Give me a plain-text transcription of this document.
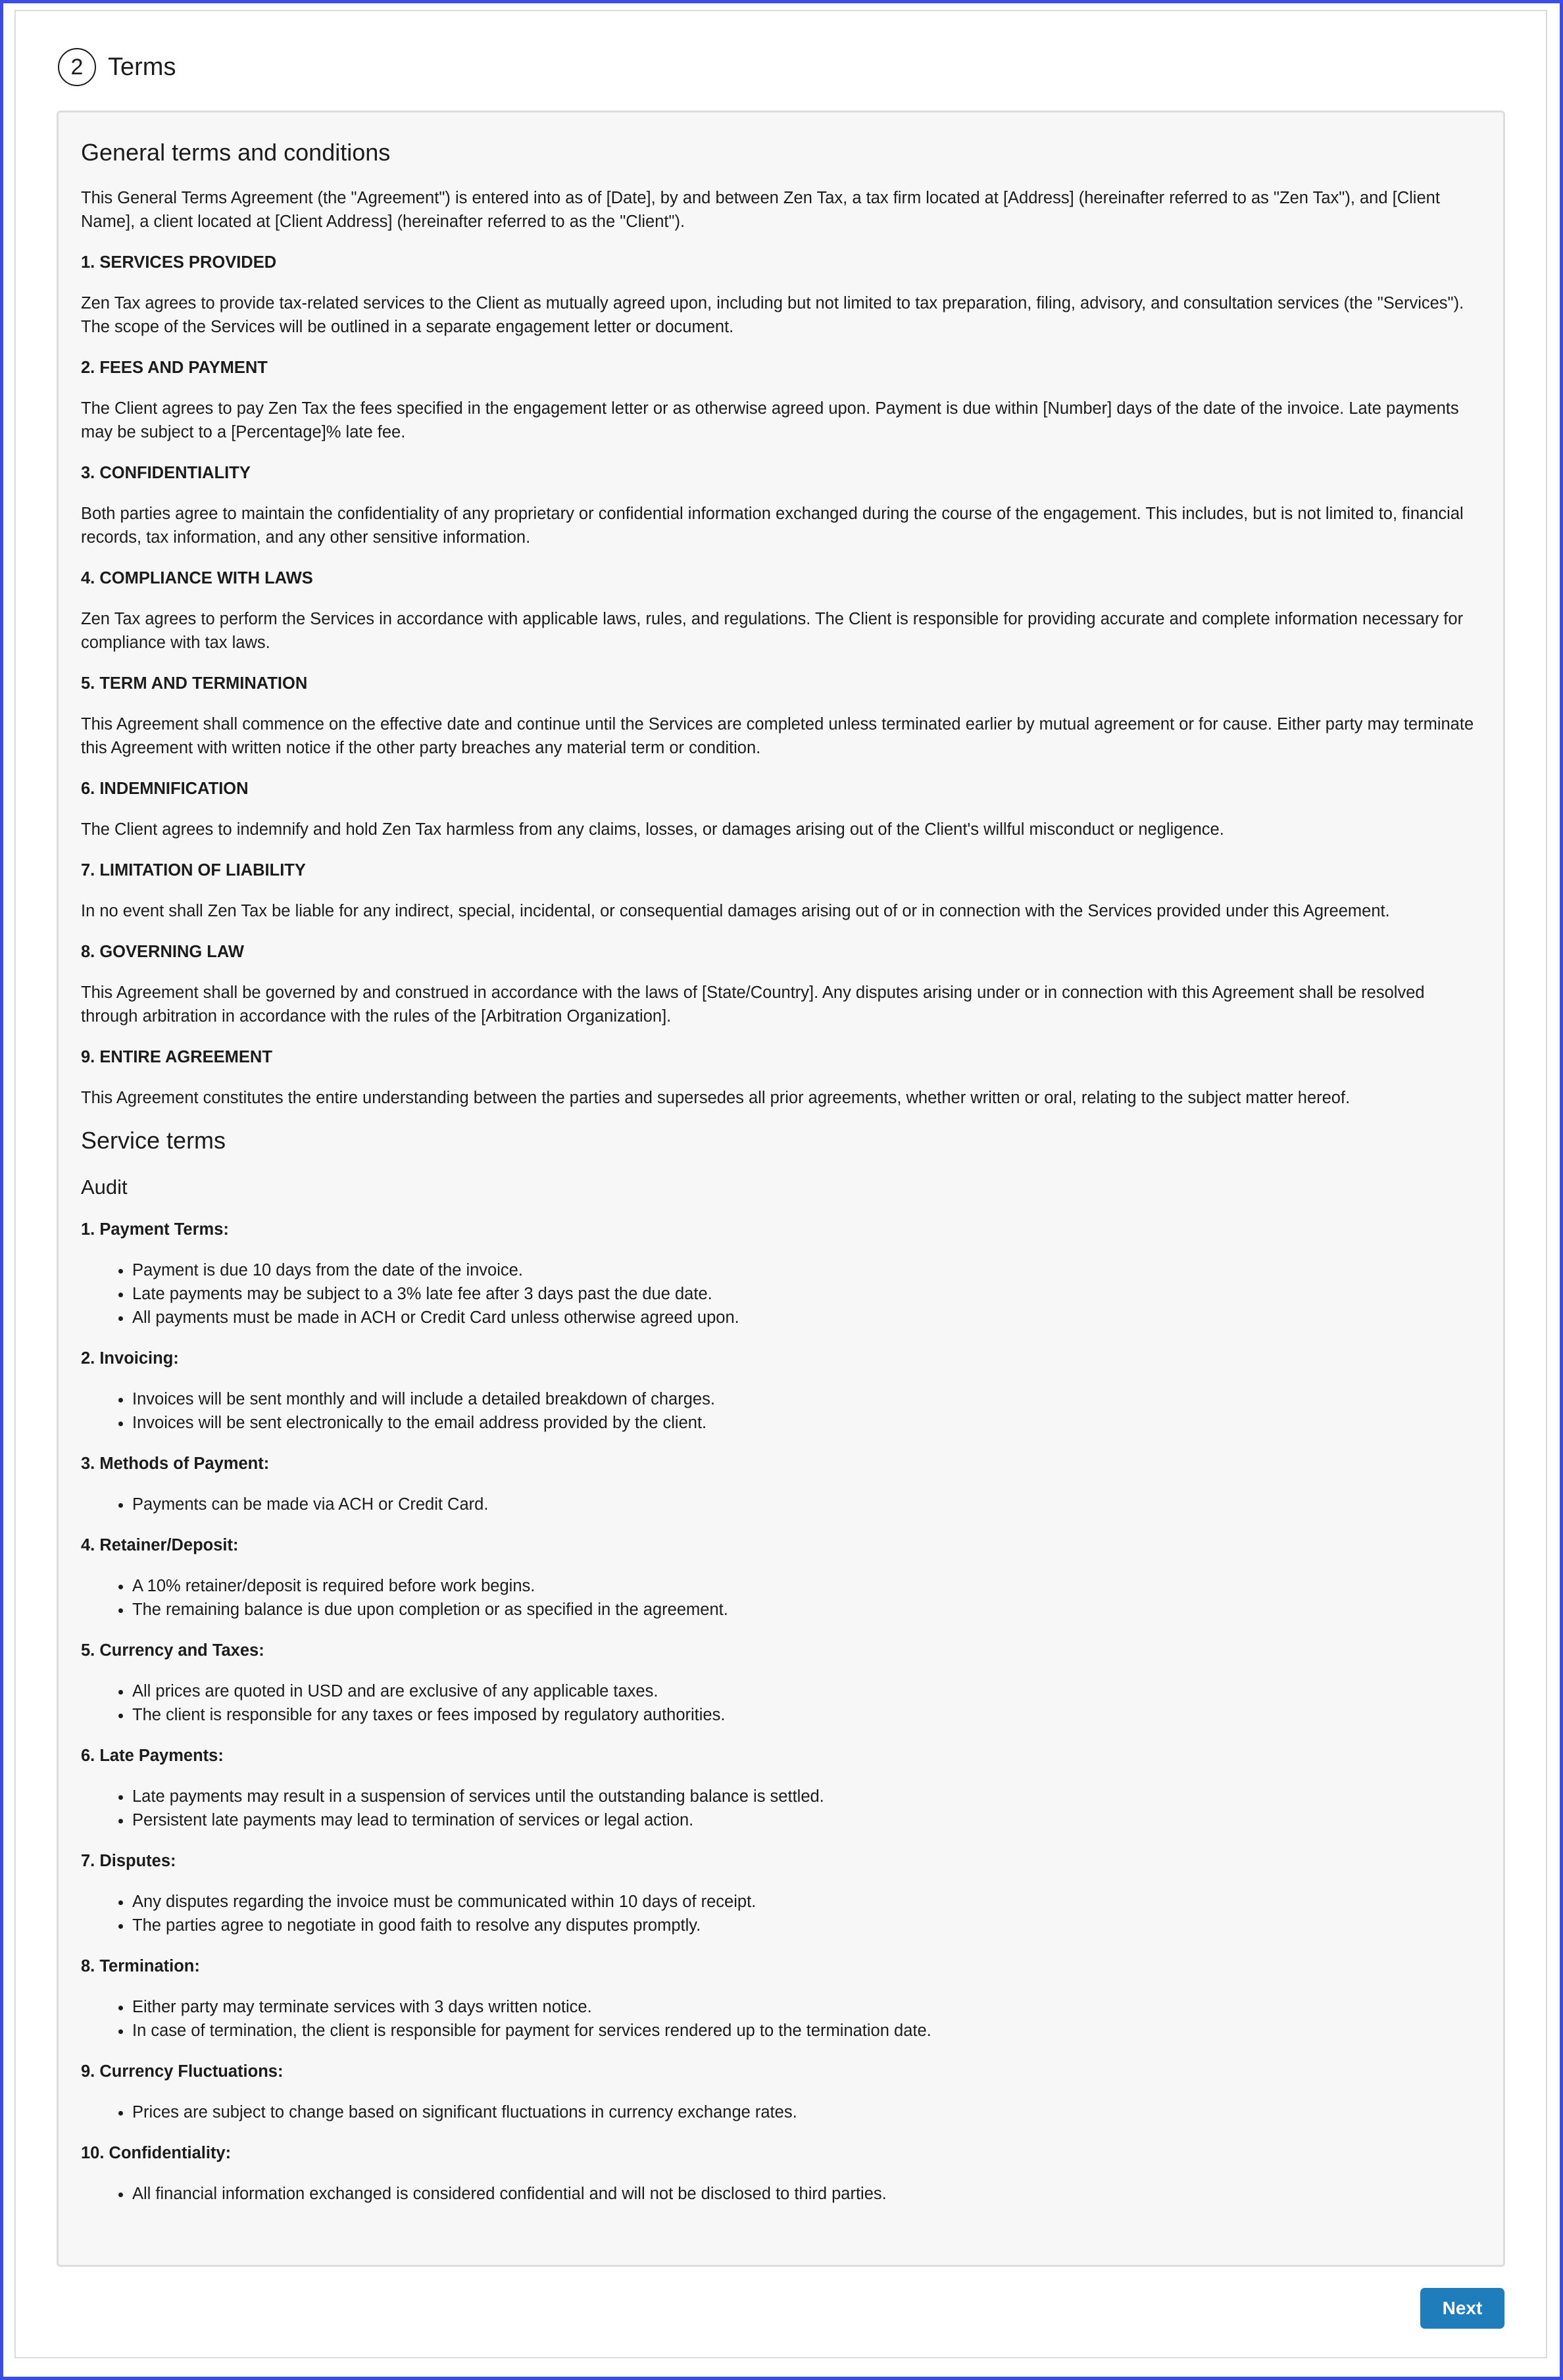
2 Terms
General terms and conditions

This General Terms Agreement (the "Agreement") is entered into as of [Date], by and between Zen Tax, a tax firm located at [Address] (hereinafter referred to as "Zen Tax"), and [Client Name], a client located at [Client Address] (hereinafter referred to as the "Client").

1. SERVICES PROVIDED

Zen Tax agrees to provide tax-related services to the Client as mutually agreed upon, including but not limited to tax preparation, filing, advisory, and consultation services (the "Services"). The scope of the Services will be outlined in a separate engagement letter or document.

2. FEES AND PAYMENT

The Client agrees to pay Zen Tax the fees specified in the engagement letter or as otherwise agreed upon. Payment is due within [Number] days of the date of the invoice. Late payments may be subject to a [Percentage]% late fee.

3. CONFIDENTIALITY

Both parties agree to maintain the confidentiality of any proprietary or confidential information exchanged during the course of the engagement. This includes, but is not limited to, financial records, tax information, and any other sensitive information.

4. COMPLIANCE WITH LAWS

Zen Tax agrees to perform the Services in accordance with applicable laws, rules, and regulations. The Client is responsible for providing accurate and complete information necessary for compliance with tax laws.

5. TERM AND TERMINATION

This Agreement shall commence on the effective date and continue until the Services are completed unless terminated earlier by mutual agreement or for cause. Either party may terminate this Agreement with written notice if the other party breaches any material term or condition.

6. INDEMNIFICATION

The Client agrees to indemnify and hold Zen Tax harmless from any claims, losses, or damages arising out of the Client's willful misconduct or negligence.

7. LIMITATION OF LIABILITY

In no event shall Zen Tax be liable for any indirect, special, incidental, or consequential damages arising out of or in connection with the Services provided under this Agreement.

8. GOVERNING LAW

This Agreement shall be governed by and construed in accordance with the laws of [State/Country]. Any disputes arising under or in connection with this Agreement shall be resolved through arbitration in accordance with the rules of the [Arbitration Organization].

9. ENTIRE AGREEMENT

This Agreement constitutes the entire understanding between the parties and supersedes all prior agreements, whether written or oral, relating to the subject matter hereof.

Service terms
Audit
1. Payment Terms:
• Payment is due 10 days from the date of the invoice.
• Late payments may be subject to a 3% late fee after 3 days past the due date.
• All payments must be made in ACH or Credit Card unless otherwise agreed upon.
2. Invoicing:
• Invoices will be sent monthly and will include a detailed breakdown of charges.
• Invoices will be sent electronically to the email address provided by the client.
3. Methods of Payment:
• Payments can be made via ACH or Credit Card.
4. Retainer/Deposit:
• A 10% retainer/deposit is required before work begins.
• The remaining balance is due upon completion or as specified in the agreement.
5. Currency and Taxes:
• All prices are quoted in USD and are exclusive of any applicable taxes.
• The client is responsible for any taxes or fees imposed by regulatory authorities.
6. Late Payments:
• Late payments may result in a suspension of services until the outstanding balance is settled.
• Persistent late payments may lead to termination of services or legal action.
7. Disputes:
• Any disputes regarding the invoice must be communicated within 10 days of receipt.
• The parties agree to negotiate in good faith to resolve any disputes promptly.
8. Termination:
• Either party may terminate services with 3 days written notice.
• In case of termination, the client is responsible for payment for services rendered up to the termination date.
9. Currency Fluctuations:
• Prices are subject to change based on significant fluctuations in currency exchange rates.
10. Confidentiality:
• All financial information exchanged is considered confidential and will not be disclosed to third parties.
Next
